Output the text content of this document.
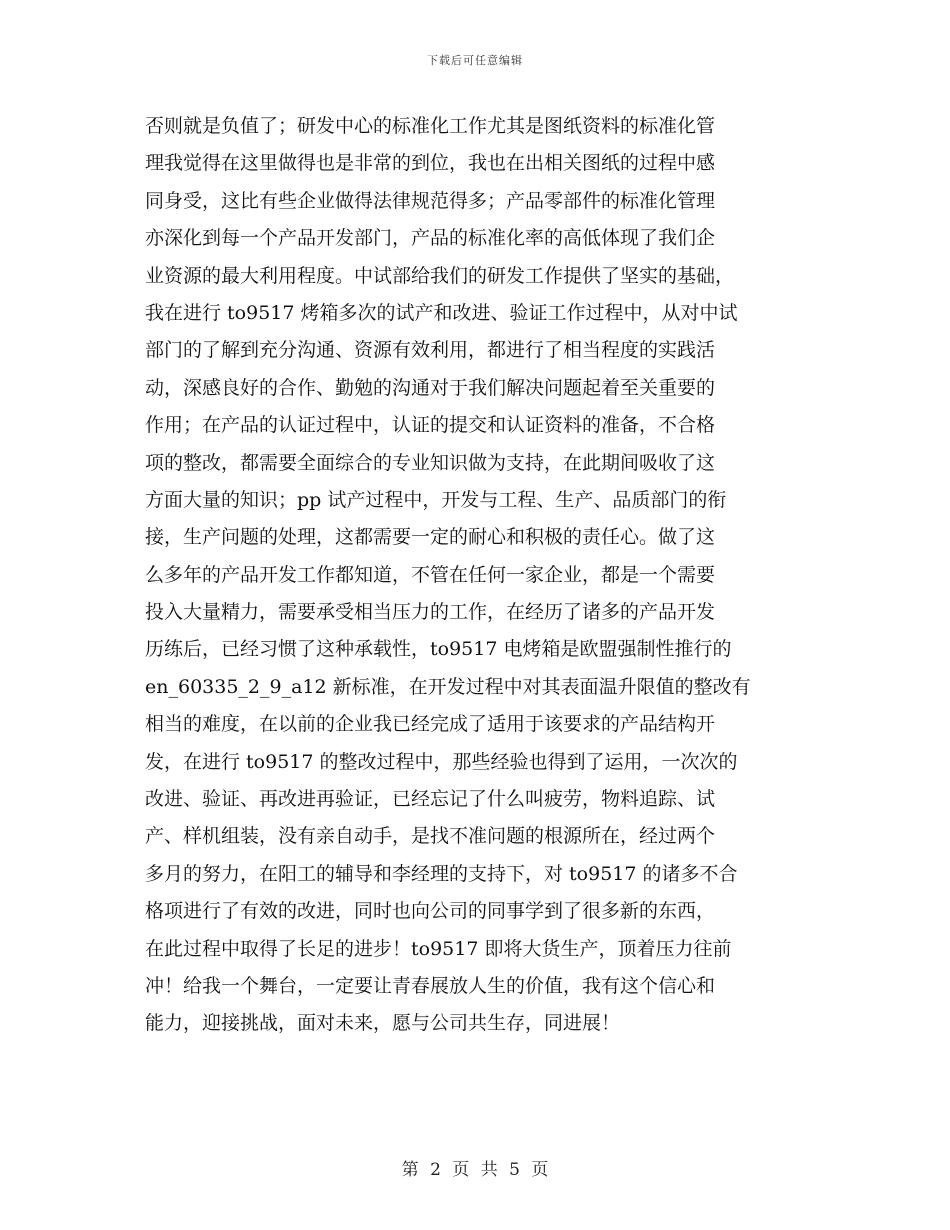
下载后可任意编辑
否则就是负值了；研发中心的标准化工作尤其是图纸资料的标准化管
理我觉得在这里做得也是非常的到位，我也在出相关图纸的过程中感
同身受，这比有些企业做得法律规范得多；产品零部件的标准化管理
亦深化到每一个产品开发部门，产品的标准化率的高低体现了我们企
业资源的最大利用程度。中试部给我们的研发工作提供了坚实的基础，
我在进行 to9517 烤箱多次的试产和改进、验证工作过程中，从对中试
部门的了解到充分沟通、资源有效利用，都进行了相当程度的实践活
动，深感良好的合作、勤勉的沟通对于我们解决问题起着至关重要的
作用；在产品的认证过程中，认证的提交和认证资料的准备，不合格
项的整改，都需要全面综合的专业知识做为支持，在此期间吸收了这
方面大量的知识；pp 试产过程中，开发与工程、生产、品质部门的衔
接，生产问题的处理，这都需要一定的耐心和积极的责任心。做了这
么多年的产品开发工作都知道，不管在任何一家企业，都是一个需要
投入大量精力，需要承受相当压力的工作，在经历了诸多的产品开发
历练后，已经习惯了这种承载性，to9517 电烤箱是欧盟强制性推行的
en_60335_2_9_a12 新标准，在开发过程中对其表面温升限值的整改有
相当的难度，在以前的企业我已经完成了适用于该要求的产品结构开
发，在进行 to9517 的整改过程中，那些经验也得到了运用，一次次的
改进、验证、再改进再验证，已经忘记了什么叫疲劳，物料追踪、试
产、样机组装，没有亲自动手，是找不准问题的根源所在，经过两个
多月的努力，在阳工的辅导和李经理的支持下，对 to9517 的诸多不合
格项进行了有效的改进，同时也向公司的同事学到了很多新的东西，
在此过程中取得了长足的进步！to9517 即将大货生产，顶着压力往前
冲！给我一个舞台，一定要让青春展放人生的价值，我有这个信心和
能力，迎接挑战，面对未来，愿与公司共生存，同进展！
第 2 页 共 5 页
